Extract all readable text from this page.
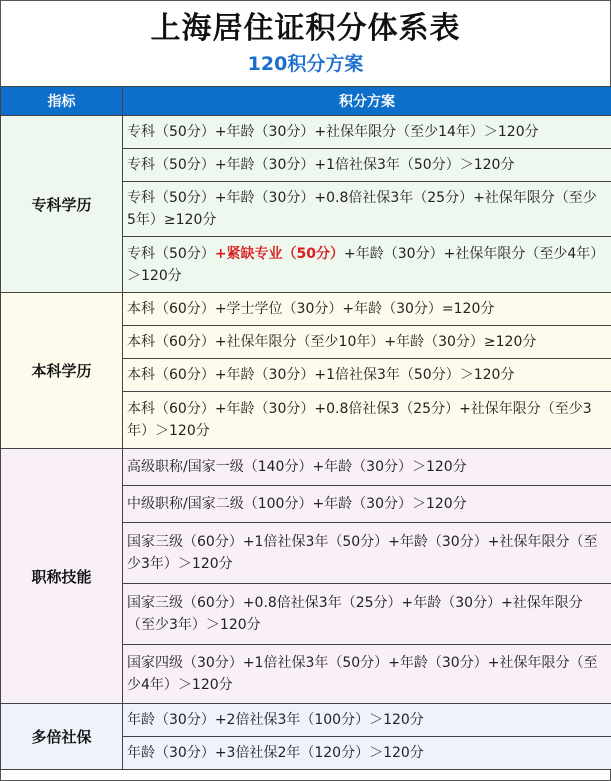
上海居住证积分体系表
120积分方案
指标	积分方案
专科学历	专科（50分）+年龄（30分）+社保年限分（至少14年）＞120分
	专科（50分）+年龄（30分）+1倍社保3年（50分）＞120分
	专科（50分）+年龄（30分）+0.8倍社保3年（25分）+社保年限分（至少5年）≥120分
	专科（50分）+紧缺专业（50分）+年龄（30分）+社保年限分（至少4年）＞120分
本科学历	本科（60分）+学士学位（30分）+年龄（30分）=120分
	本科（60分）+社保年限分（至少10年）+年龄（30分）≥120分
	本科（60分）+年龄（30分）+1倍社保3年（50分）＞120分
	本科（60分）+年龄（30分）+0.8倍社保3（25分）+社保年限分（至少3年）＞120分
职称技能	高级职称/国家一级（140分）+年龄（30分）＞120分
	中级职称/国家二级（100分）+年龄（30分）＞120分
	国家三级（60分）+1倍社保3年（50分）+年龄（30分）+社保年限分（至少3年）＞120分
	国家三级（60分）+0.8倍社保3年（25分）+年龄（30分）+社保年限分（至少3年）＞120分
	国家四级（30分）+1倍社保3年（50分）+年龄（30分）+社保年限分（至少4年）＞120分
多倍社保	年龄（30分）+2倍社保3年（100分）＞120分
	年龄（30分）+3倍社保2年（120分）＞120分
